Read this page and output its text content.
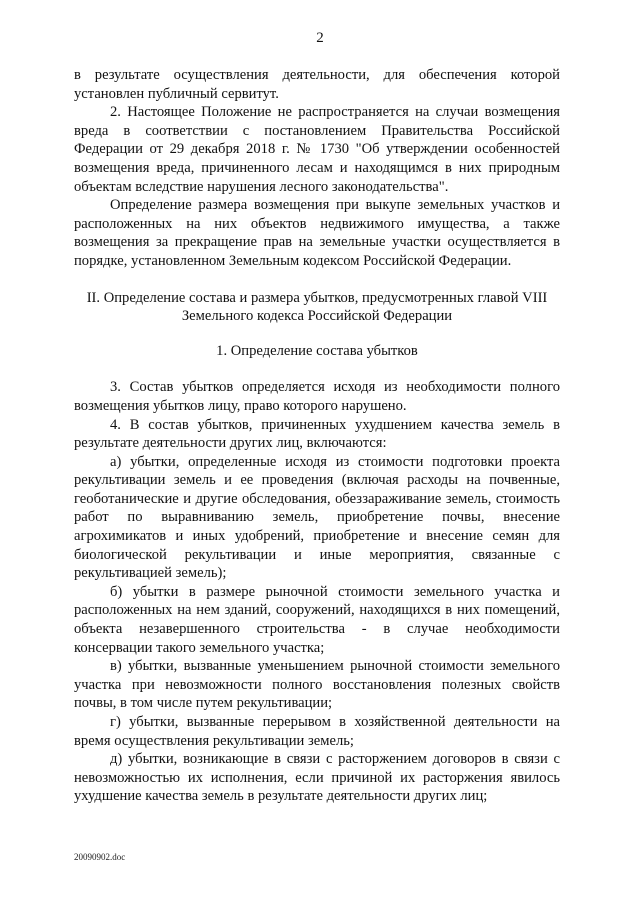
2

в результате осуществления деятельности, для обеспечения которой установлен публичный сервитут.

2. Настоящее Положение не распространяется на случаи возмещения вреда в соответствии с постановлением Правительства Российской Федерации от 29 декабря 2018 г. № 1730 "Об утверждении особенностей возмещения вреда, причиненного лесам и находящимся в них природным объектам вследствие нарушения лесного законодательства".

Определение размера возмещения при выкупе земельных участков и расположенных на них объектов недвижимого имущества, а также возмещения за прекращение прав на земельные участки осуществляется в порядке, установленном Земельным кодексом Российской Федерации.

II. Определение состава и размера убытков, предусмотренных главой VIII

Земельного кодекса Российской Федерации

1. Определение состава убытков

3. Состав убытков определяется исходя из необходимости полного возмещения убытков лицу, право которого нарушено.

4. В состав убытков, причиненных ухудшением качества земель в результате деятельности других лиц, включаются:

а) убытки, определенные исходя из стоимости подготовки проекта рекультивации земель и ее проведения (включая расходы на почвенные, геоботанические и другие обследования, обеззараживание земель, стоимость работ по выравниванию земель, приобретение почвы, внесение агрохимикатов и иных удобрений, приобретение и внесение семян для биологической рекультивации и иные мероприятия, связанные с рекультивацией земель);

б) убытки в размере рыночной стоимости земельного участка и расположенных на нем зданий, сооружений, находящихся в них помещений, объекта незавершенного строительства - в случае необходимости консервации такого земельного участка;

в) убытки, вызванные уменьшением рыночной стоимости земельного участка при невозможности полного восстановления полезных свойств почвы, в том числе путем рекультивации;

г) убытки, вызванные перерывом в хозяйственной деятельности на время осуществления рекультивации земель;

д) убытки, возникающие в связи с расторжением договоров в связи с невозможностью их исполнения, если причиной их расторжения явилось ухудшение качества земель в результате деятельности других лиц;

20090902.doc
